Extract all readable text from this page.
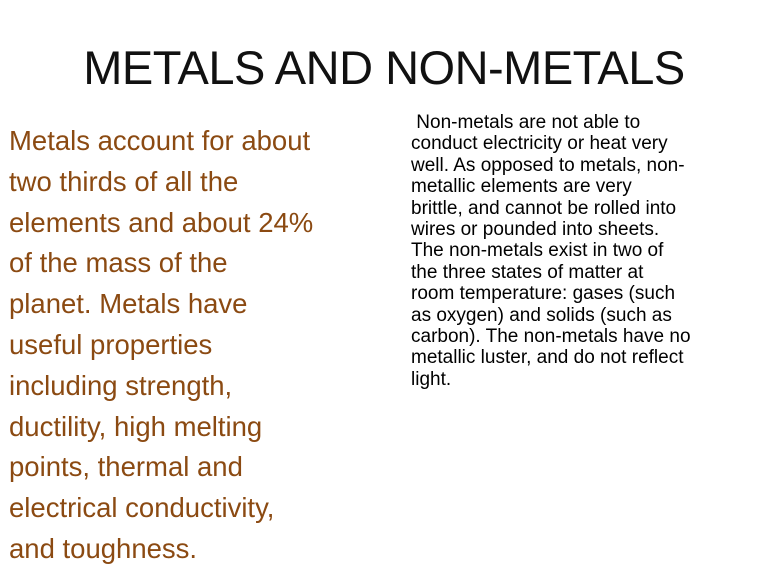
METALS AND NON-METALS
Metals account for about
two thirds of all the
elements and about 24%
of the mass of the
planet. Metals have
useful properties
including strength,
ductility, high melting
points, thermal and
electrical conductivity,
and toughness.
Non-metals are not able to
conduct electricity or heat very
well. As opposed to metals, non-
metallic elements are very
brittle, and cannot be rolled into
wires or pounded into sheets.
The non-metals exist in two of
the three states of matter at
room temperature: gases (such
as oxygen) and solids (such as
carbon). The non-metals have no
metallic luster, and do not reflect
light.
